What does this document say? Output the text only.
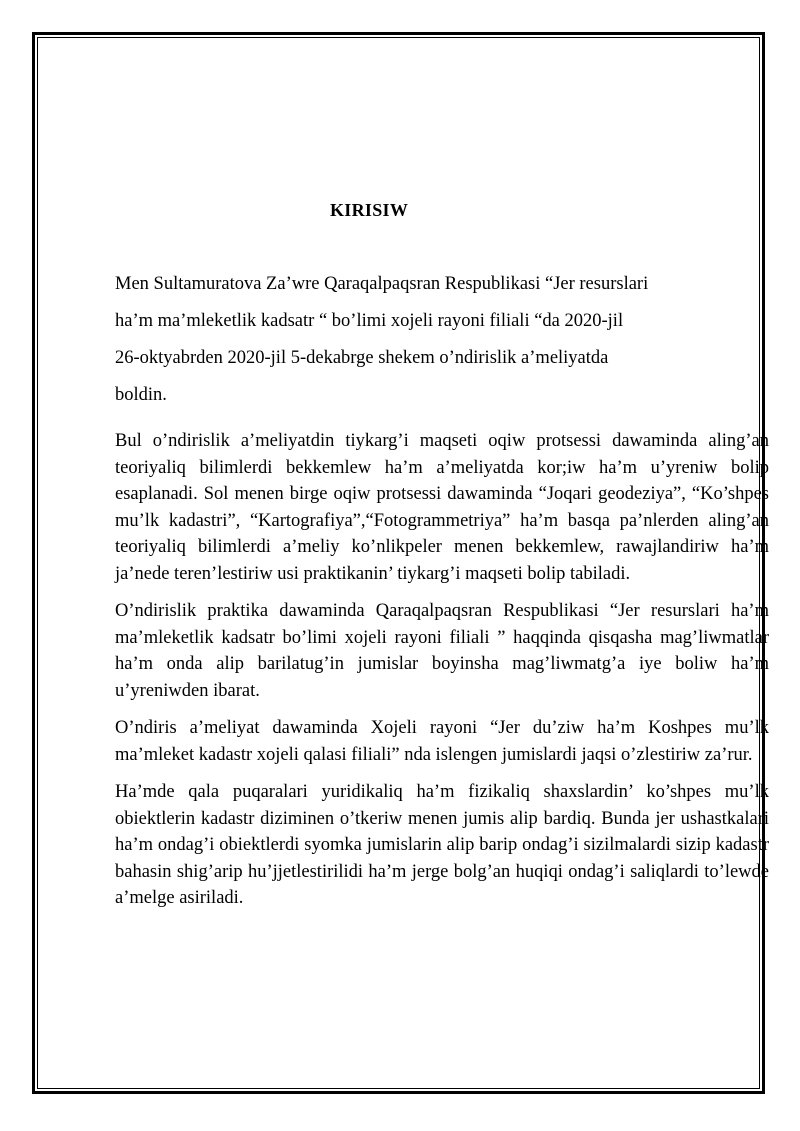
KIRISIW
Men Sultamuratova Za’wre Qaraqalpaqsran Respublikasi “Jer resurslari
ha’m ma’mleketlik kadsatr “ bo’limi xojeli rayoni filiali “da 2020-jil
26-oktyabrden 2020-jil 5-dekabrge shekem o’ndirislik a’meliyatda
boldin.

Bul o’ndirislik a’meliyatdin tiykarg’i maqseti oqiw protsessi dawaminda aling’an teoriyaliq bilimlerdi bekkemlew ha’m a’meliyatda kor;iw ha’m u’yreniw bolip esaplanadi. Sol menen birge oqiw protsessi dawaminda “Joqari geodeziya”, “Ko’shpes mu’lk kadastri”, “Kartografiya”,“Fotogrammetriya” ha’m basqa pa’nlerden aling’an teoriyaliq bilimlerdi a’meliy ko’nlikpeler menen bekkemlew, rawajlandiriw ha’m ja’nede teren’lestiriw usi praktikanin’ tiykarg’i maqseti bolip tabiladi.

O’ndirislik praktika dawaminda Qaraqalpaqsran Respublikasi “Jer resurslari ha’m ma’mleketlik kadsatr bo’limi xojeli rayoni filiali ” haqqinda qisqasha mag’liwmatlar ha’m onda alip barilatug’in jumislar boyinsha mag’liwmatg’a iye boliw ha’m u’yreniwden ibarat.

O’ndiris a’meliyat dawaminda Xojeli rayoni “Jer du’ziw ha’m Koshpes mu’lk ma’mleket kadastr xojeli qalasi filiali” nda islengen jumislardi jaqsi o’zlestiriw za’rur.

Ha’mde qala puqaralari yuridikaliq ha’m fizikaliq shaxslardin’ ko’shpes mu’lk obiektlerin kadastr diziminen o’tkeriw menen jumis alip bardiq. Bunda jer ushastkalari ha’m ondag’i obiektlerdi syomka jumislarin alip barip ondag’i sizilmalardi sizip kadastr bahasin shig’arip hu’jjetlestirilidi ha’m jerge bolg’an huqiqi ondag’i saliqlardi to’lewde a’melge asiriladi.
